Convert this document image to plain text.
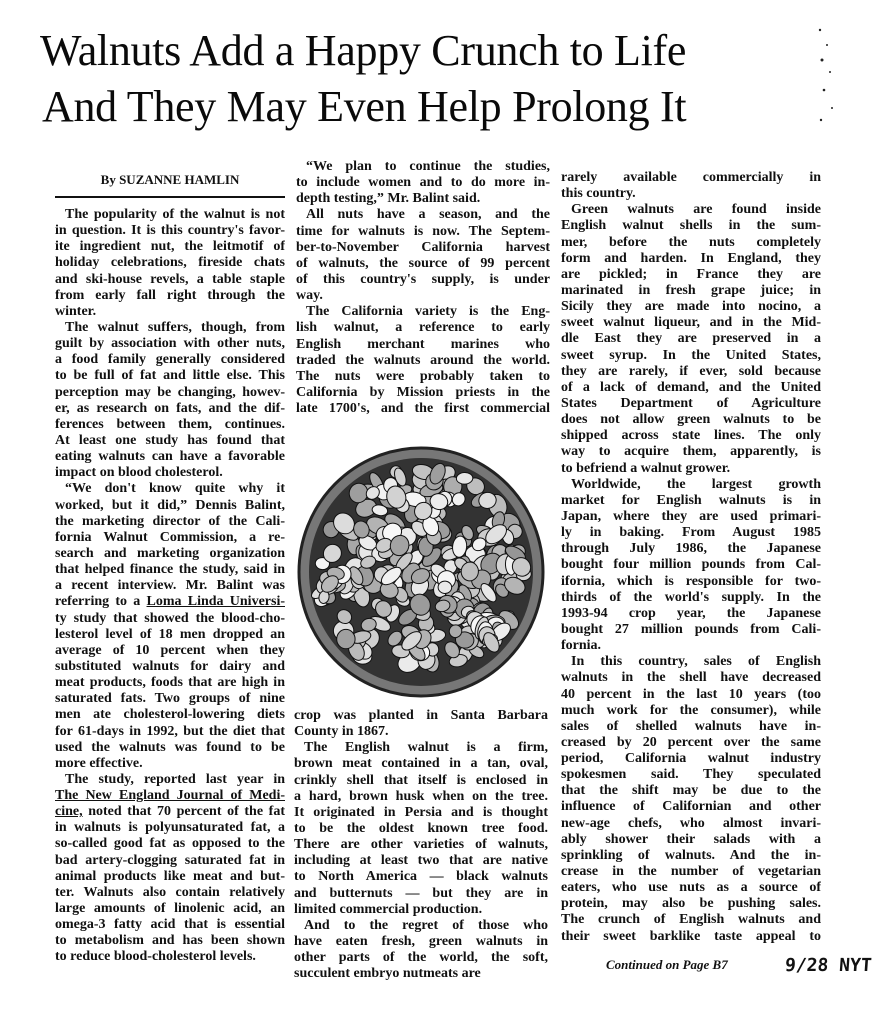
Walnuts Add a Happy Crunch to Life
And They May Even Help Prolong It
By SUZANNE HAMLIN
The popularity of the walnut is not
in question. It is this country's favor-
ite ingredient nut, the leitmotif of
holiday celebrations, fireside chats
and ski-house revels, a table staple
from early fall right through the
winter.
The walnut suffers, though, from
guilt by association with other nuts,
a food family generally considered
to be full of fat and little else. This
perception may be changing, howev-
er, as research on fats, and the dif-
ferences between them, continues.
At least one study has found that
eating walnuts can have a favorable
impact on blood cholesterol.
“We don't know quite why it
worked, but it did,” Dennis Balint,
the marketing director of the Cali-
fornia Walnut Commission, a re-
search and marketing organization
that helped finance the study, said in
a recent interview. Mr. Balint was
referring to a Loma Linda Universi-
ty study that showed the blood-cho-
lesterol level of 18 men dropped an
average of 10 percent when they
substituted walnuts for dairy and
meat products, foods that are high in
saturated fats. Two groups of nine
men ate cholesterol-lowering diets
for 61-days in 1992, but the diet that
used the walnuts was found to be
more effective.
The study, reported last year in
The New England Journal of Medi-
cine, noted that 70 percent of the fat
in walnuts is polyunsaturated fat, a
so-called good fat as opposed to the
bad artery-clogging saturated fat in
animal products like meat and but-
ter. Walnuts also contain relatively
large amounts of linolenic acid, an
omega-3 fatty acid that is essential
to metabolism and has been shown
to reduce blood-cholesterol levels.
“We plan to continue the studies,
to include women and to do more in-
depth testing,” Mr. Balint said.
All nuts have a season, and the
time for walnuts is now. The Septem-
ber-to-November California harvest
of walnuts, the source of 99 percent
of this country's supply, is under
way.
The California variety is the Eng-
lish walnut, a reference to early
English merchant marines who
traded the walnuts around the world.
The nuts were probably taken to
California by Mission priests in the
late 1700's, and the first commercial
crop was planted in Santa Barbara
County in 1867.
The English walnut is a firm,
brown meat contained in a tan, oval,
crinkly shell that itself is enclosed in
a hard, brown husk when on the tree.
It originated in Persia and is thought
to be the oldest known tree food.
There are other varieties of walnuts,
including at least two that are native
to North America — black walnuts
and butternuts — but they are in
limited commercial production.
And to the regret of those who
have eaten fresh, green walnuts in
other parts of the world, the soft,
succulent embryo nutmeats are
rarely available commercially in
this country.
Green walnuts are found inside
English walnut shells in the sum-
mer, before the nuts completely
form and harden. In England, they
are pickled; in France they are
marinated in fresh grape juice; in
Sicily they are made into nocino, a
sweet walnut liqueur, and in the Mid-
dle East they are preserved in a
sweet syrup. In the United States,
they are rarely, if ever, sold because
of a lack of demand, and the United
States Department of Agriculture
does not allow green walnuts to be
shipped across state lines. The only
way to acquire them, apparently, is
to befriend a walnut grower.
Worldwide, the largest growth
market for English walnuts is in
Japan, where they are used primari-
ly in baking. From August 1985
through July 1986, the Japanese
bought four million pounds from Cal-
ifornia, which is responsible for two-
thirds of the world's supply. In the
1993-94 crop year, the Japanese
bought 27 million pounds from Cali-
fornia.
In this country, sales of English
walnuts in the shell have decreased
40 percent in the last 10 years (too
much work for the consumer), while
sales of shelled walnuts have in-
creased by 20 percent over the same
period, California walnut industry
spokesmen said. They speculated
that the shift may be due to the
influence of Californian and other
new-age chefs, who almost invari-
ably shower their salads with a
sprinkling of walnuts. And the in-
crease in the number of vegetarian
eaters, who use nuts as a source of
protein, may also be pushing sales.
The crunch of English walnuts and
their sweet barklike taste appeal to
Continued on Page B7	9/28 NYT
